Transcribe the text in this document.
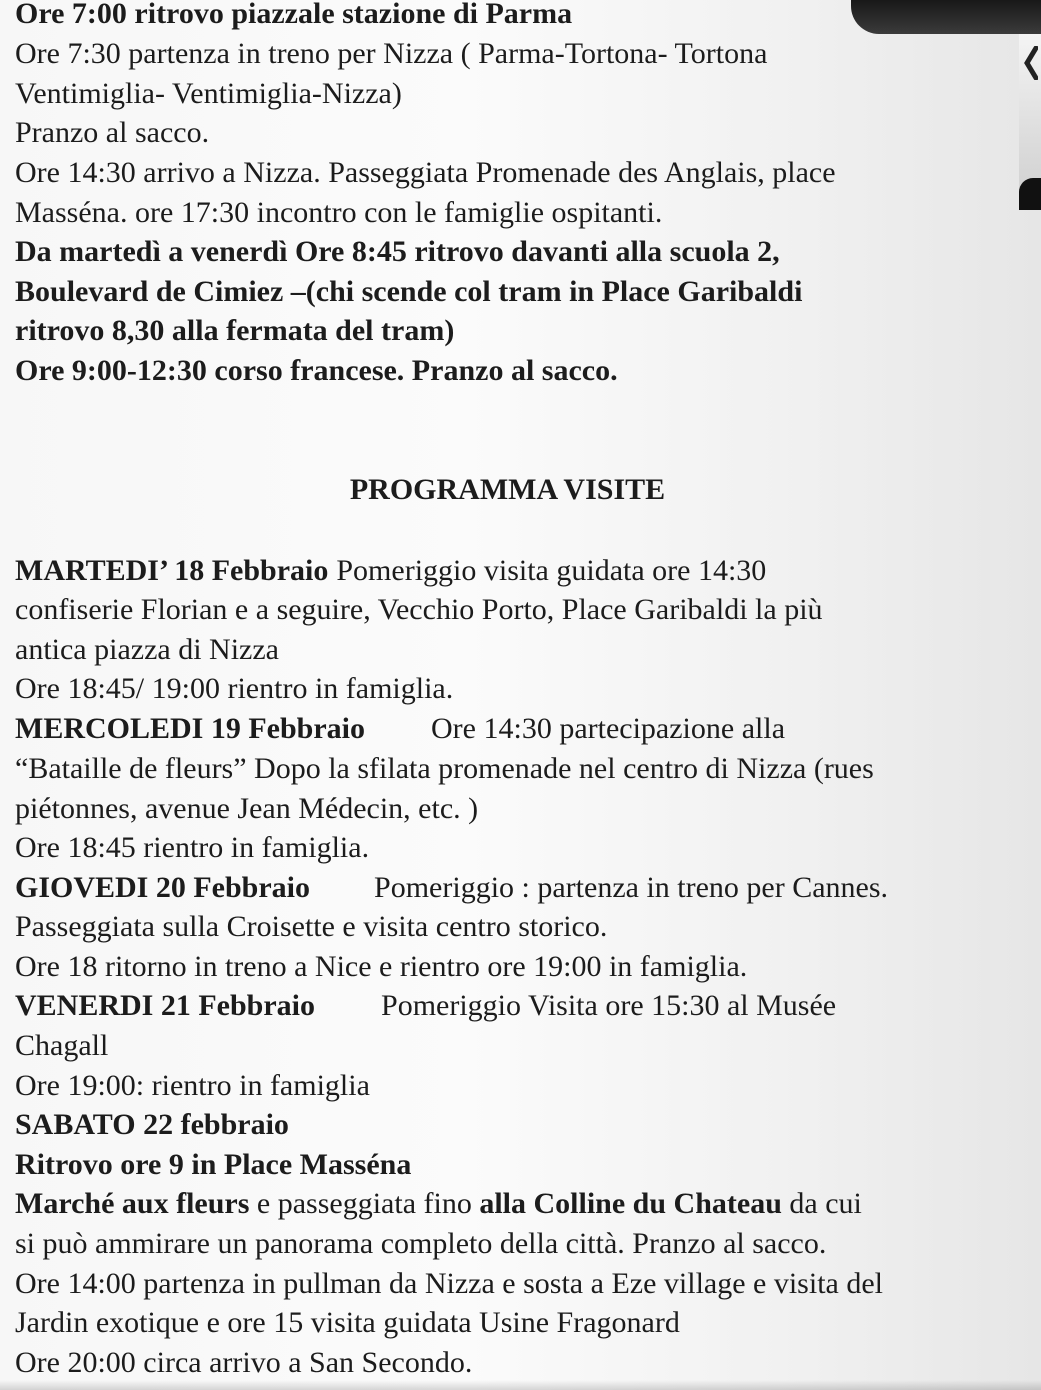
Ore 7:00 ritrovo piazzale stazione di Parma

Ore 7:30 partenza in treno per Nizza ( Parma-Tortona- Tortona

Ventimiglia- Ventimiglia-Nizza)

Pranzo al sacco.

Ore 14:30 arrivo a Nizza. Passeggiata Promenade des Anglais, place

Masséna. ore 17:30 incontro con le famiglie ospitanti.

Da martedì a venerdì Ore 8:45 ritrovo davanti alla scuola 2,

Boulevard de Cimiez –(chi scende col tram in Place Garibaldi

ritrovo 8,30 alla fermata del tram)

Ore 9:00-12:30 corso francese. Pranzo al sacco.

PROGRAMMA VISITE

MARTEDI’ 18 Febbraio Pomeriggio visita guidata ore 14:30

confiserie Florian e a seguire, Vecchio Porto, Place Garibaldi la più

antica piazza di Nizza

Ore 18:45/ 19:00 rientro in famiglia.

MERCOLEDI 19 Febbraio Ore 14:30 partecipazione alla

“Bataille de fleurs” Dopo la sfilata promenade nel centro di Nizza (rues

piétonnes, avenue Jean Médecin, etc. )

Ore 18:45 rientro in famiglia.

GIOVEDI 20 Febbraio Pomeriggio : partenza in treno per Cannes.

Passeggiata sulla Croisette e visita centro storico.

Ore 18 ritorno in treno a Nice e rientro ore 19:00 in famiglia.

VENERDI 21 Febbraio Pomeriggio Visita ore 15:30 al Musée

Chagall

Ore 19:00: rientro in famiglia

SABATO 22 febbraio

Ritrovo ore 9 in Place Masséna

Marché aux fleurs e passeggiata fino alla Colline du Chateau da cui

si può ammirare un panorama completo della città. Pranzo al sacco.

Ore 14:00 partenza in pullman da Nizza e sosta a Eze village e visita del

Jardin exotique e ore 15 visita guidata Usine Fragonard

Ore 20:00 circa arrivo a San Secondo.
